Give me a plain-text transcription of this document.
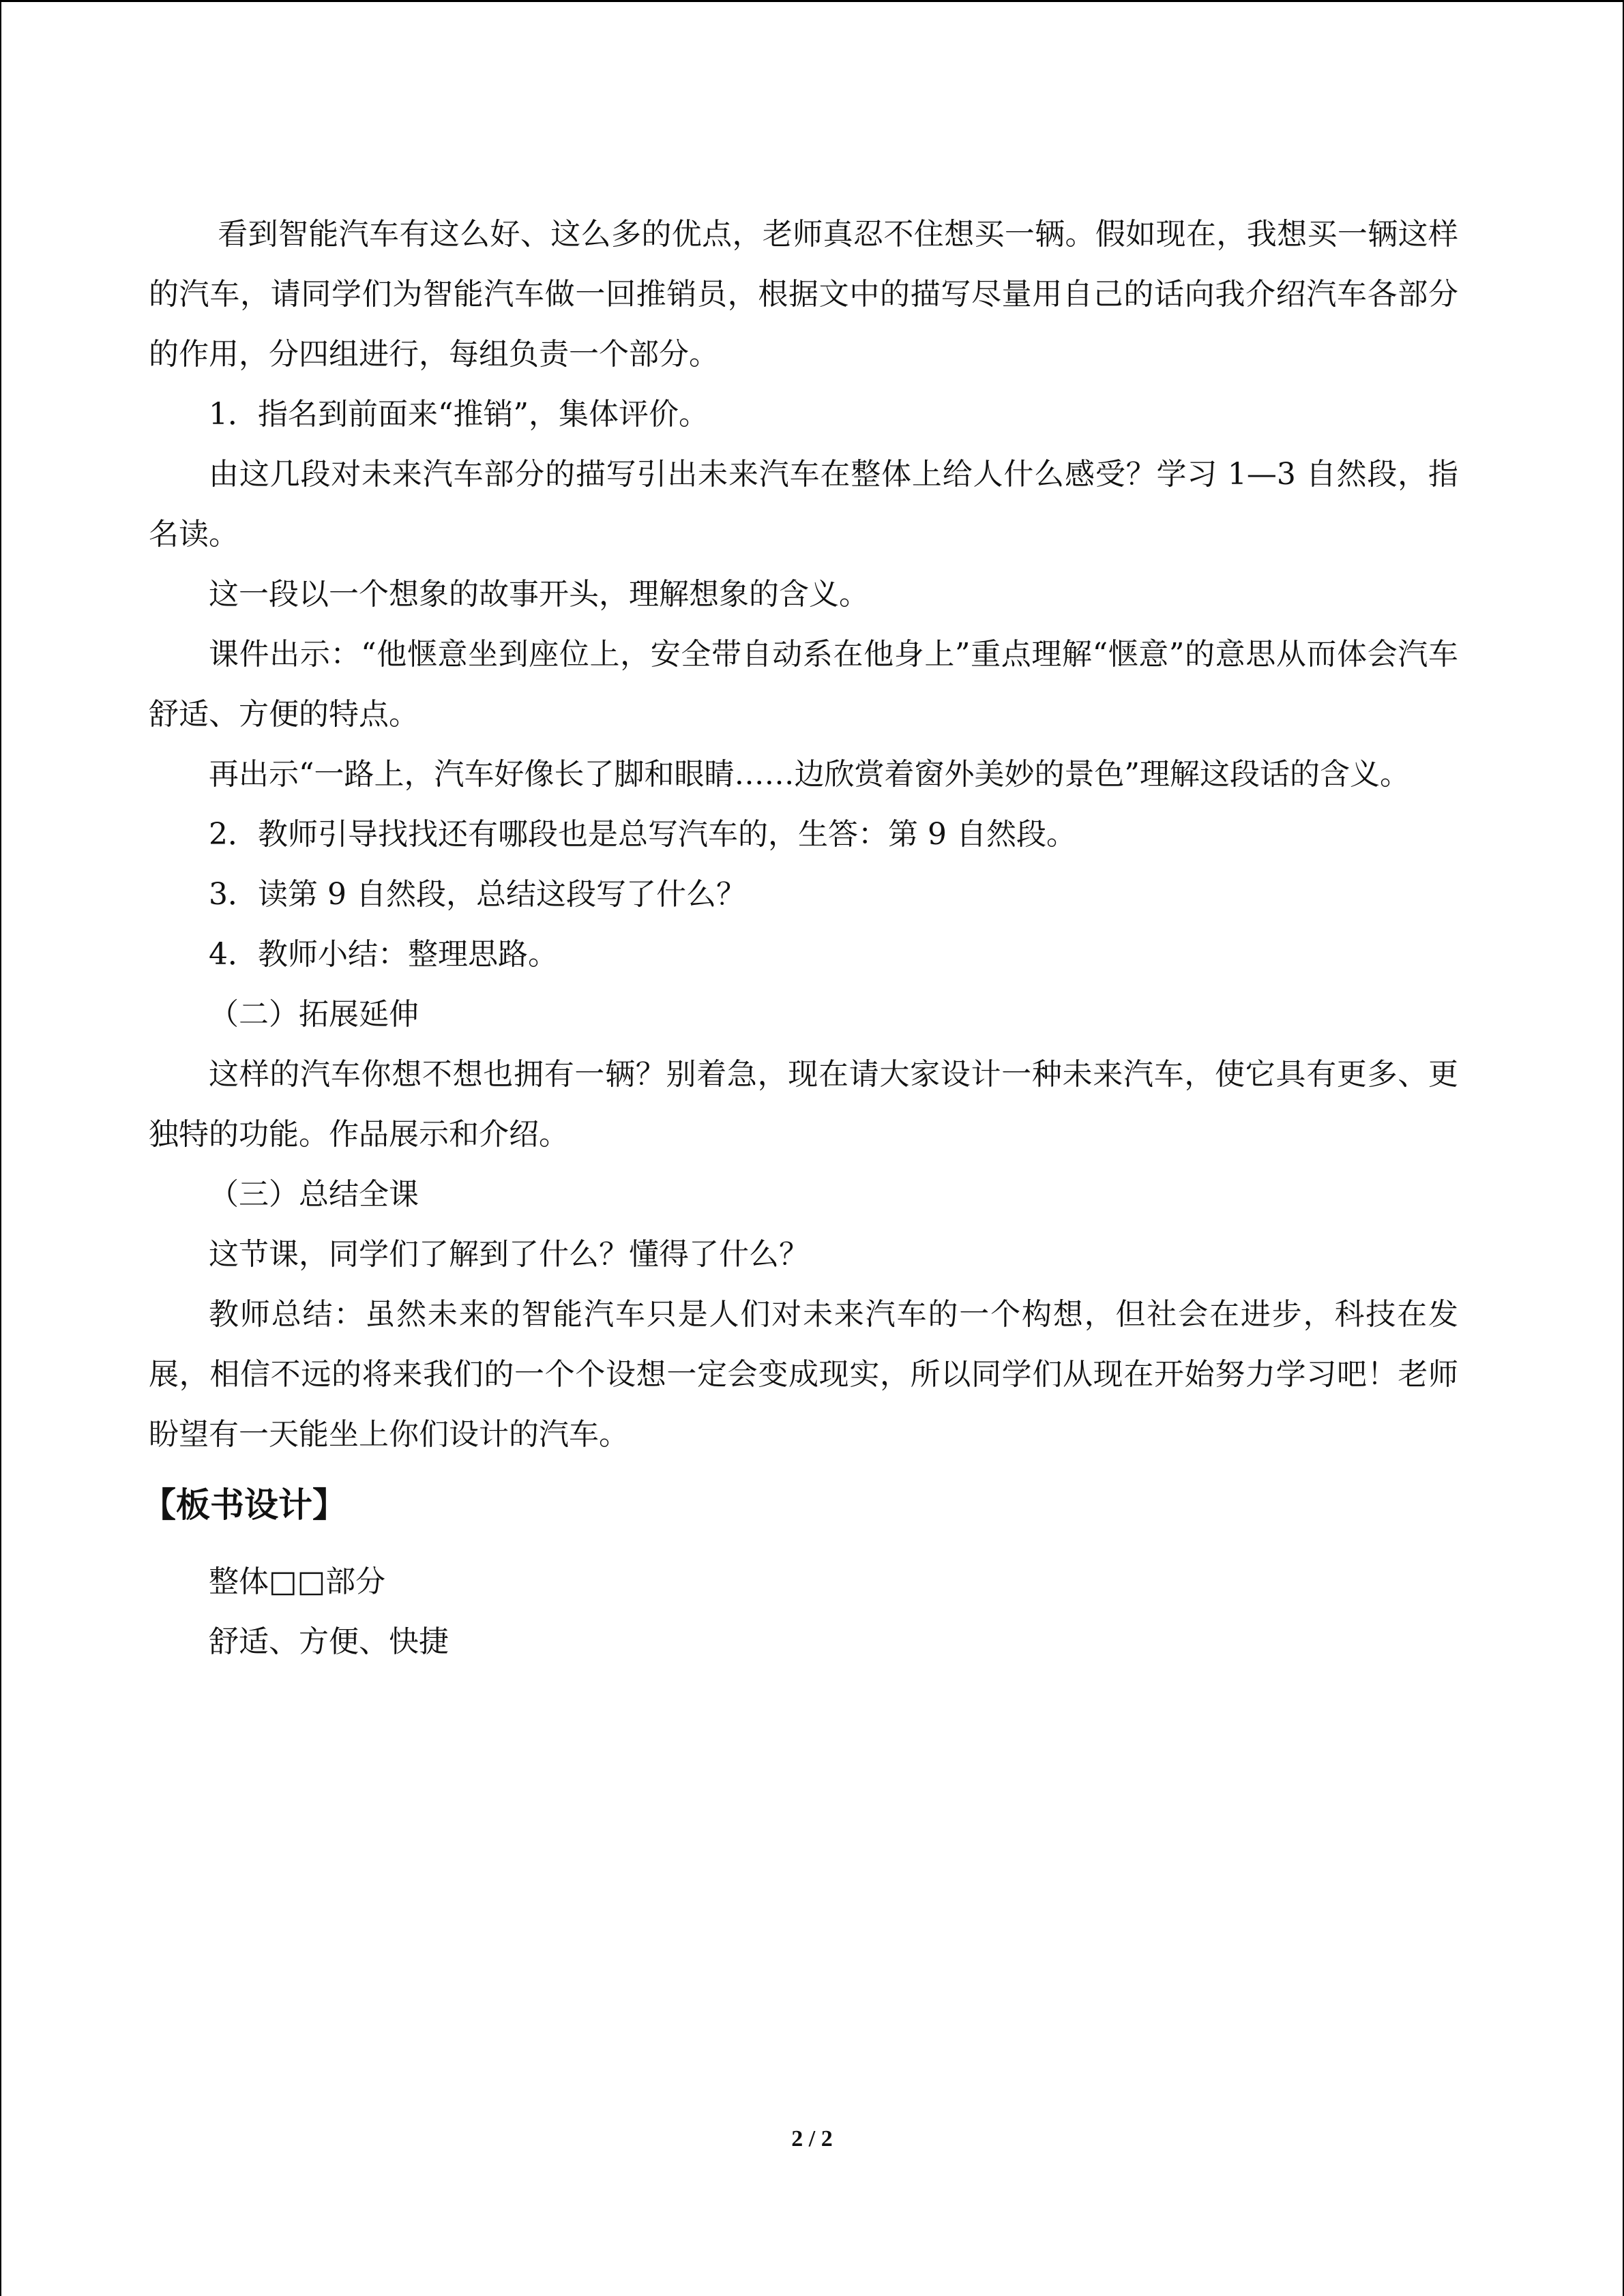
看到智能汽车有这么好、这么多的优点，老师真忍不住想买一辆。假如现在，我想买一辆这样的汽车，请同学们为智能汽车做一回推销员，根据文中的描写尽量用自己的话向我介绍汽车各部分的作用，分四组进行，每组负责一个部分。

1．指名到前面来“推销”，集体评价。

由这几段对未来汽车部分的描写引出未来汽车在整体上给人什么感受？学习 1—3 自然段，指名读。

这一段以一个想象的故事开头，理解想象的含义。

课件出示：“他惬意坐到座位上，安全带自动系在他身上”重点理解“惬意”的意思从而体会汽车舒适、方便的特点。

再出示“一路上，汽车好像长了脚和眼睛……边欣赏着窗外美妙的景色”理解这段话的含义。

2．教师引导找找还有哪段也是总写汽车的，生答：第 9 自然段。

3．读第 9 自然段，总结这段写了什么？

4．教师小结：整理思路。

（二）拓展延伸

这样的汽车你想不想也拥有一辆？别着急，现在请大家设计一种未来汽车，使它具有更多、更独特的功能。作品展示和介绍。

（三）总结全课

这节课，同学们了解到了什么？懂得了什么？

教师总结：虽然未来的智能汽车只是人们对未来汽车的一个构想，但社会在进步，科技在发展，相信不远的将来我们的一个个设想一定会变成现实，所以同学们从现在开始努力学习吧！老师盼望有一天能坐上你们设计的汽车。

【板书设计】

整体□□部分

舒适、方便、快捷

2 / 2
